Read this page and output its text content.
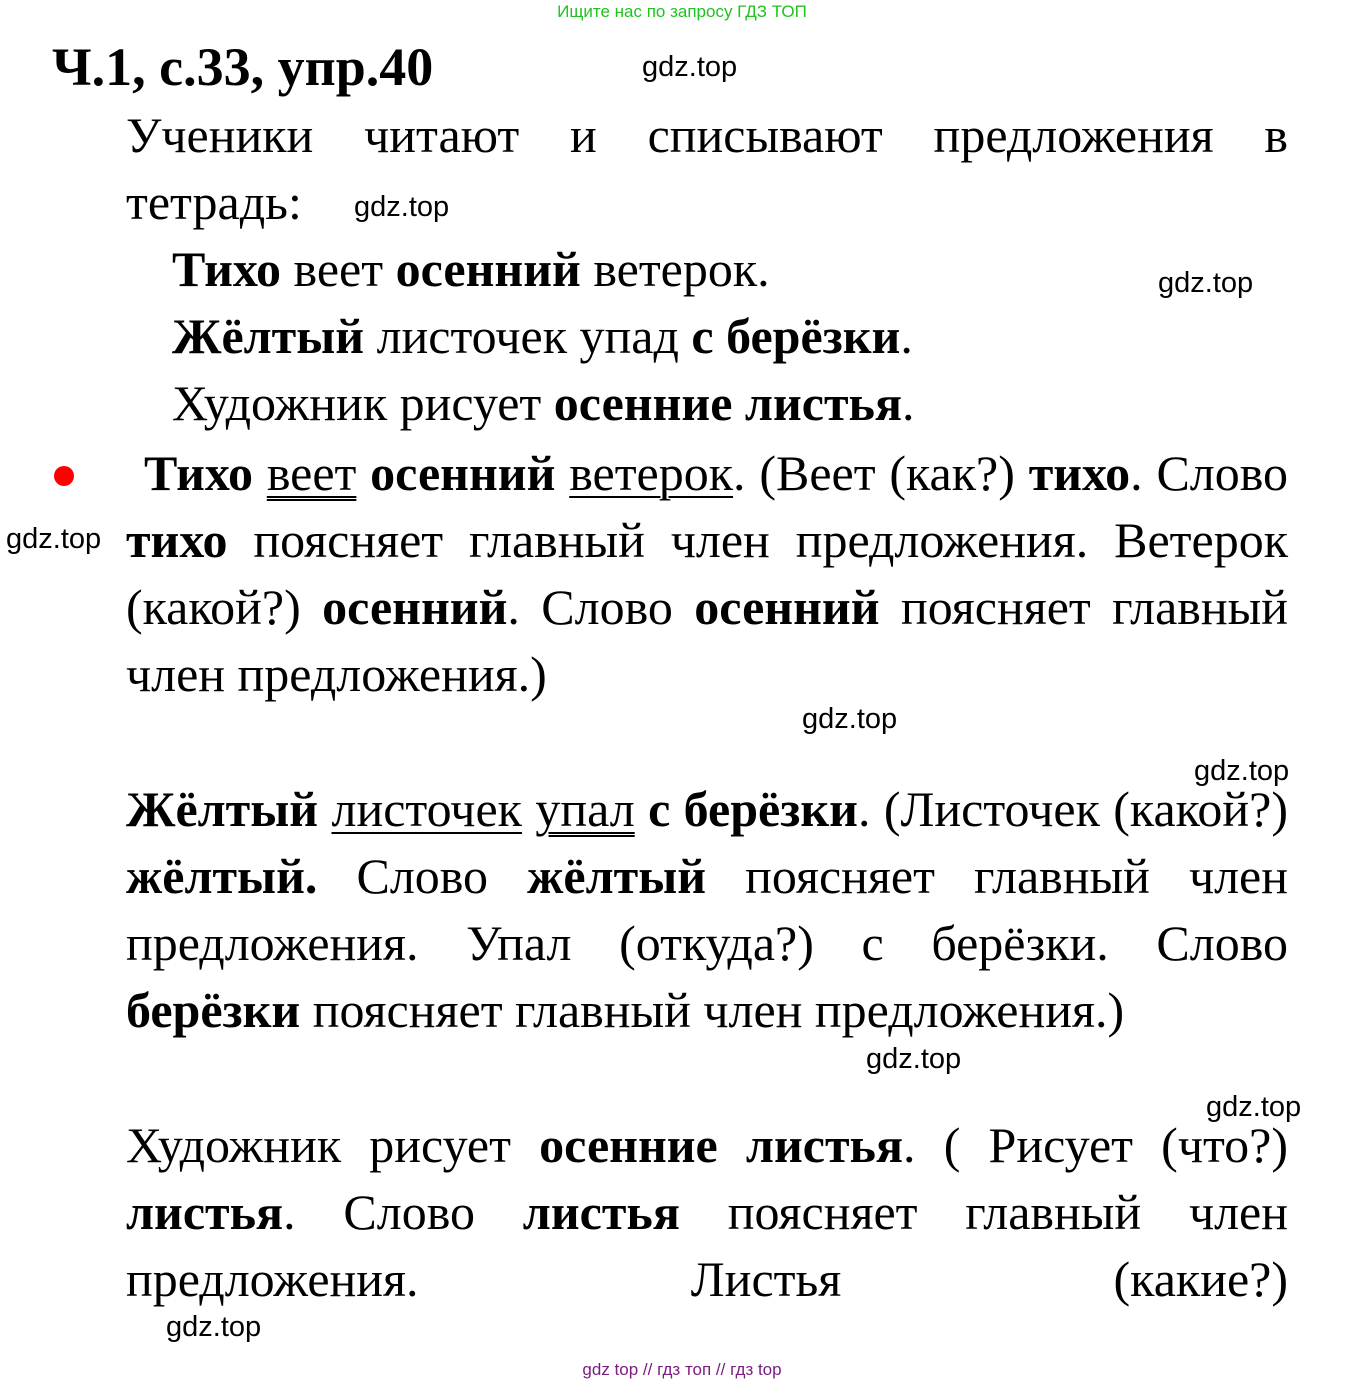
Ищите нас по запросу ГДЗ ТОП
Ч.1, с.33, упр.40	gdz.top
gdz.top
gdz.top
gdz.top
gdz.top
gdz.top
gdz.top
gdz.top
gdz.top
Ученики читают и списывают предложения в
тетрадь:
Тихо веет осенний ветерок.
Жёлтый листочек упад с берёзки.
Художник рисует осенние листья.

Тихо веет осенний ветерок. (Веет (как?) тихо. Слово тихо поясняет главный член предложения. Ветерок (какой?) осенний. Слово осенний поясняет главный член предложения.)

Жёлтый листочек упал с берёзки. (Листочек (какой?) жёлтый. Слово жёлтый поясняет главный член предложения. Упал (откуда?) с берёзки. Слово берёзки поясняет главный член предложения.)

Художник рисует осенние листья. ( Рисует (что?) листья. Слово листья поясняет главный член предложения. Листья (какие?)

gdz top // гдз топ // гдз top
